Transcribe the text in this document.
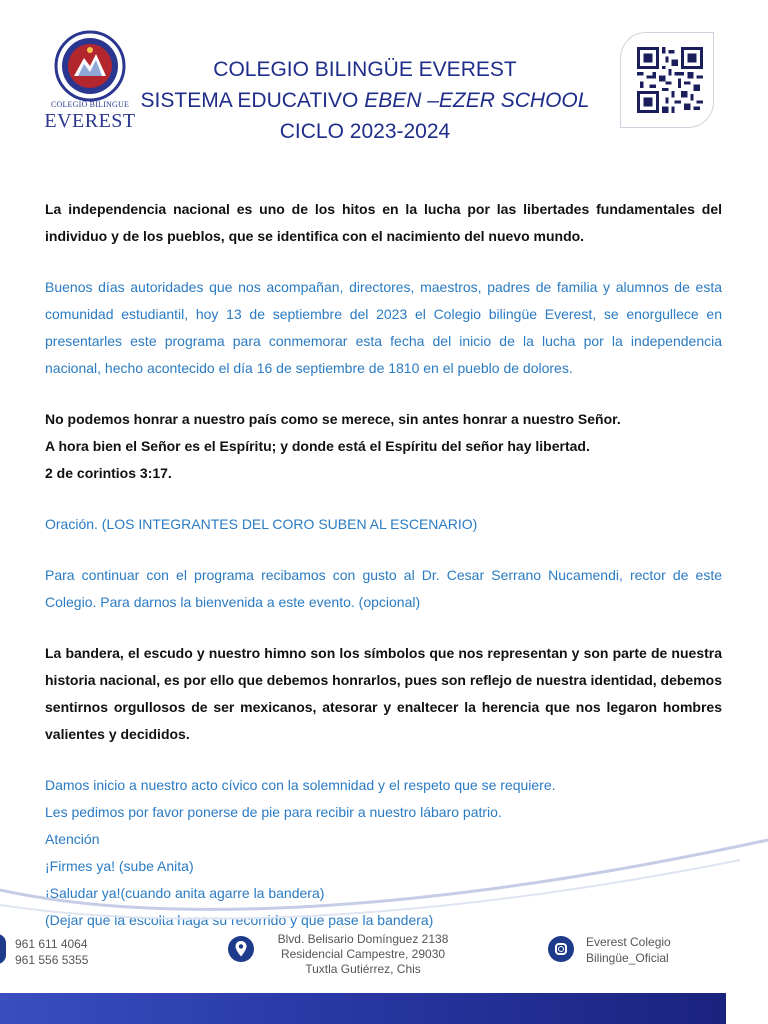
COLEGIO BILINGUE
EVEREST
COLEGIO BILINGÜE EVEREST
SISTEMA EDUCATIVO EBEN –EZER SCHOOL
CICLO 2023-2024

La independencia nacional es uno de los hitos en la lucha por las libertades fundamentales del individuo y de los pueblos, que se identifica con el nacimiento del nuevo mundo.

Buenos días autoridades que nos acompañan, directores, maestros, padres de familia y alumnos de esta comunidad estudiantil, hoy 13 de septiembre del 2023 el Colegio bilingüe Everest, se enorgullece en presentarles este programa para conmemorar esta fecha del inicio de la lucha por la independencia nacional, hecho acontecido el día 16 de septiembre de 1810 en el pueblo de dolores.

No podemos honrar a nuestro país como se merece, sin antes honrar a nuestro Señor.

A hora bien el Señor es el Espíritu; y donde está el Espíritu del señor hay libertad.

2 de corintios 3:17.

Oración. (LOS INTEGRANTES DEL CORO SUBEN AL ESCENARIO)

Para continuar con el programa recibamos con gusto al Dr. Cesar Serrano Nucamendi, rector de este Colegio. Para darnos la bienvenida a este evento. (opcional)

La bandera, el escudo y nuestro himno son los símbolos que nos representan y son parte de nuestra historia nacional, es por ello que debemos honrarlos, pues son reflejo de nuestra identidad, debemos sentirnos orgullosos de ser mexicanos, atesorar y enaltecer la herencia que nos legaron hombres valientes y decididos.

Damos inicio a nuestro acto cívico con la solemnidad y el respeto que se requiere.

Les pedimos por favor ponerse de pie para recibir a nuestro lábaro patrio.

Atención

¡Firmes ya! (sube Anita)

¡Saludar ya!(cuando anita agarre la bandera)

(Dejar que la escolta haga su recorrido y que pase la bandera)

961 611 4064
961 556 5355
Blvd. Belisario Domínguez 2138
Residencial Campestre, 29030
Tuxtla Gutiérrez, Chis
Everest Colegio
Bilingüe_Oficial
